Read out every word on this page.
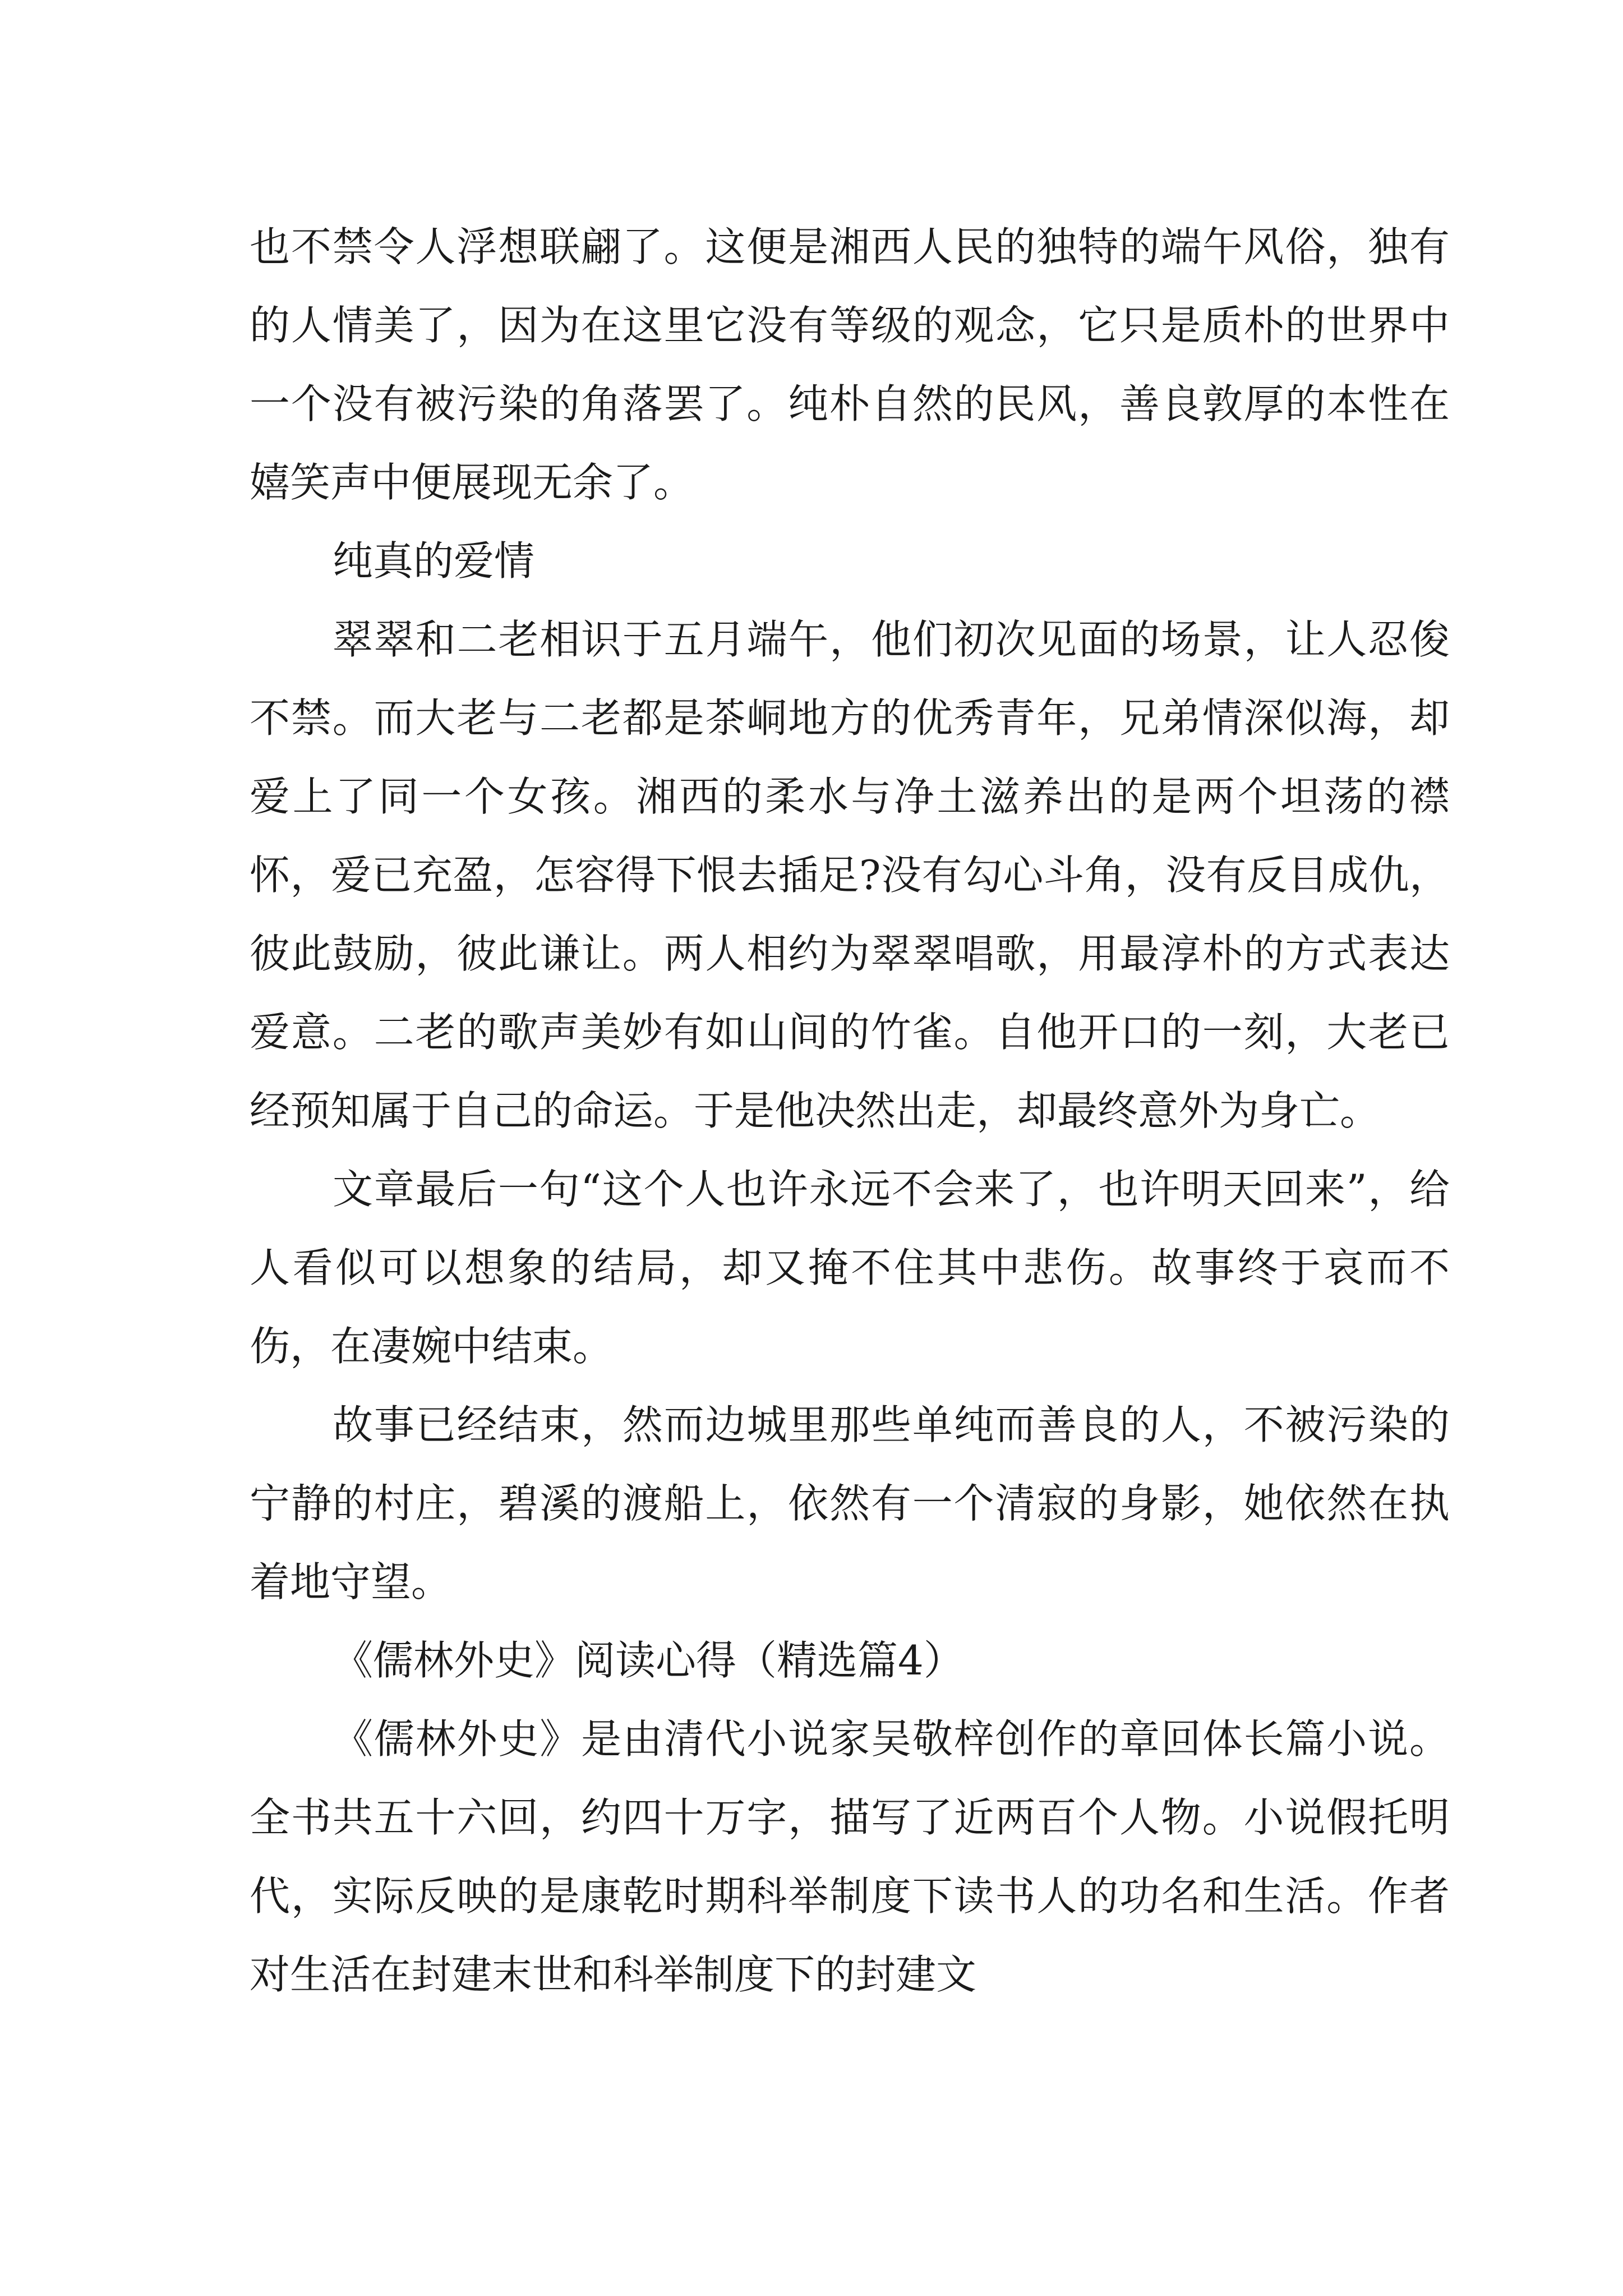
也不禁令人浮想联翩了。这便是湘西人民的独特的端午风俗，独有的人情美了，因为在这里它没有等级的观念，它只是质朴的世界中一个没有被污染的角落罢了。纯朴自然的民风，善良敦厚的本性在嬉笑声中便展现无余了。

纯真的爱情

翠翠和二老相识于五月端午，他们初次见面的场景，让人忍俊不禁。而大老与二老都是茶峒地方的优秀青年，兄弟情深似海，却爱上了同一个女孩。湘西的柔水与净土滋养出的是两个坦荡的襟怀，爱已充盈，怎容得下恨去插足?没有勾心斗角，没有反目成仇，彼此鼓励，彼此谦让。两人相约为翠翠唱歌，用最淳朴的方式表达爱意。二老的歌声美妙有如山间的竹雀。自他开口的一刻，大老已经预知属于自己的命运。于是他决然出走，却最终意外为身亡。

文章最后一句“这个人也许永远不会来了，也许明天回来”，给人看似可以想象的结局，却又掩不住其中悲伤。故事终于哀而不伤，在凄婉中结束。

故事已经结束，然而边城里那些单纯而善良的人，不被污染的宁静的村庄，碧溪的渡船上，依然有一个清寂的身影，她依然在执着地守望。

《儒林外史》阅读心得（精选篇4）

《儒林外史》是由清代小说家吴敬梓创作的章回体长篇小说。全书共五十六回，约四十万字，描写了近两百个人物。小说假托明代，实际反映的是康乾时期科举制度下读书人的功名和生活。作者对生活在封建末世和科举制度下的封建文
